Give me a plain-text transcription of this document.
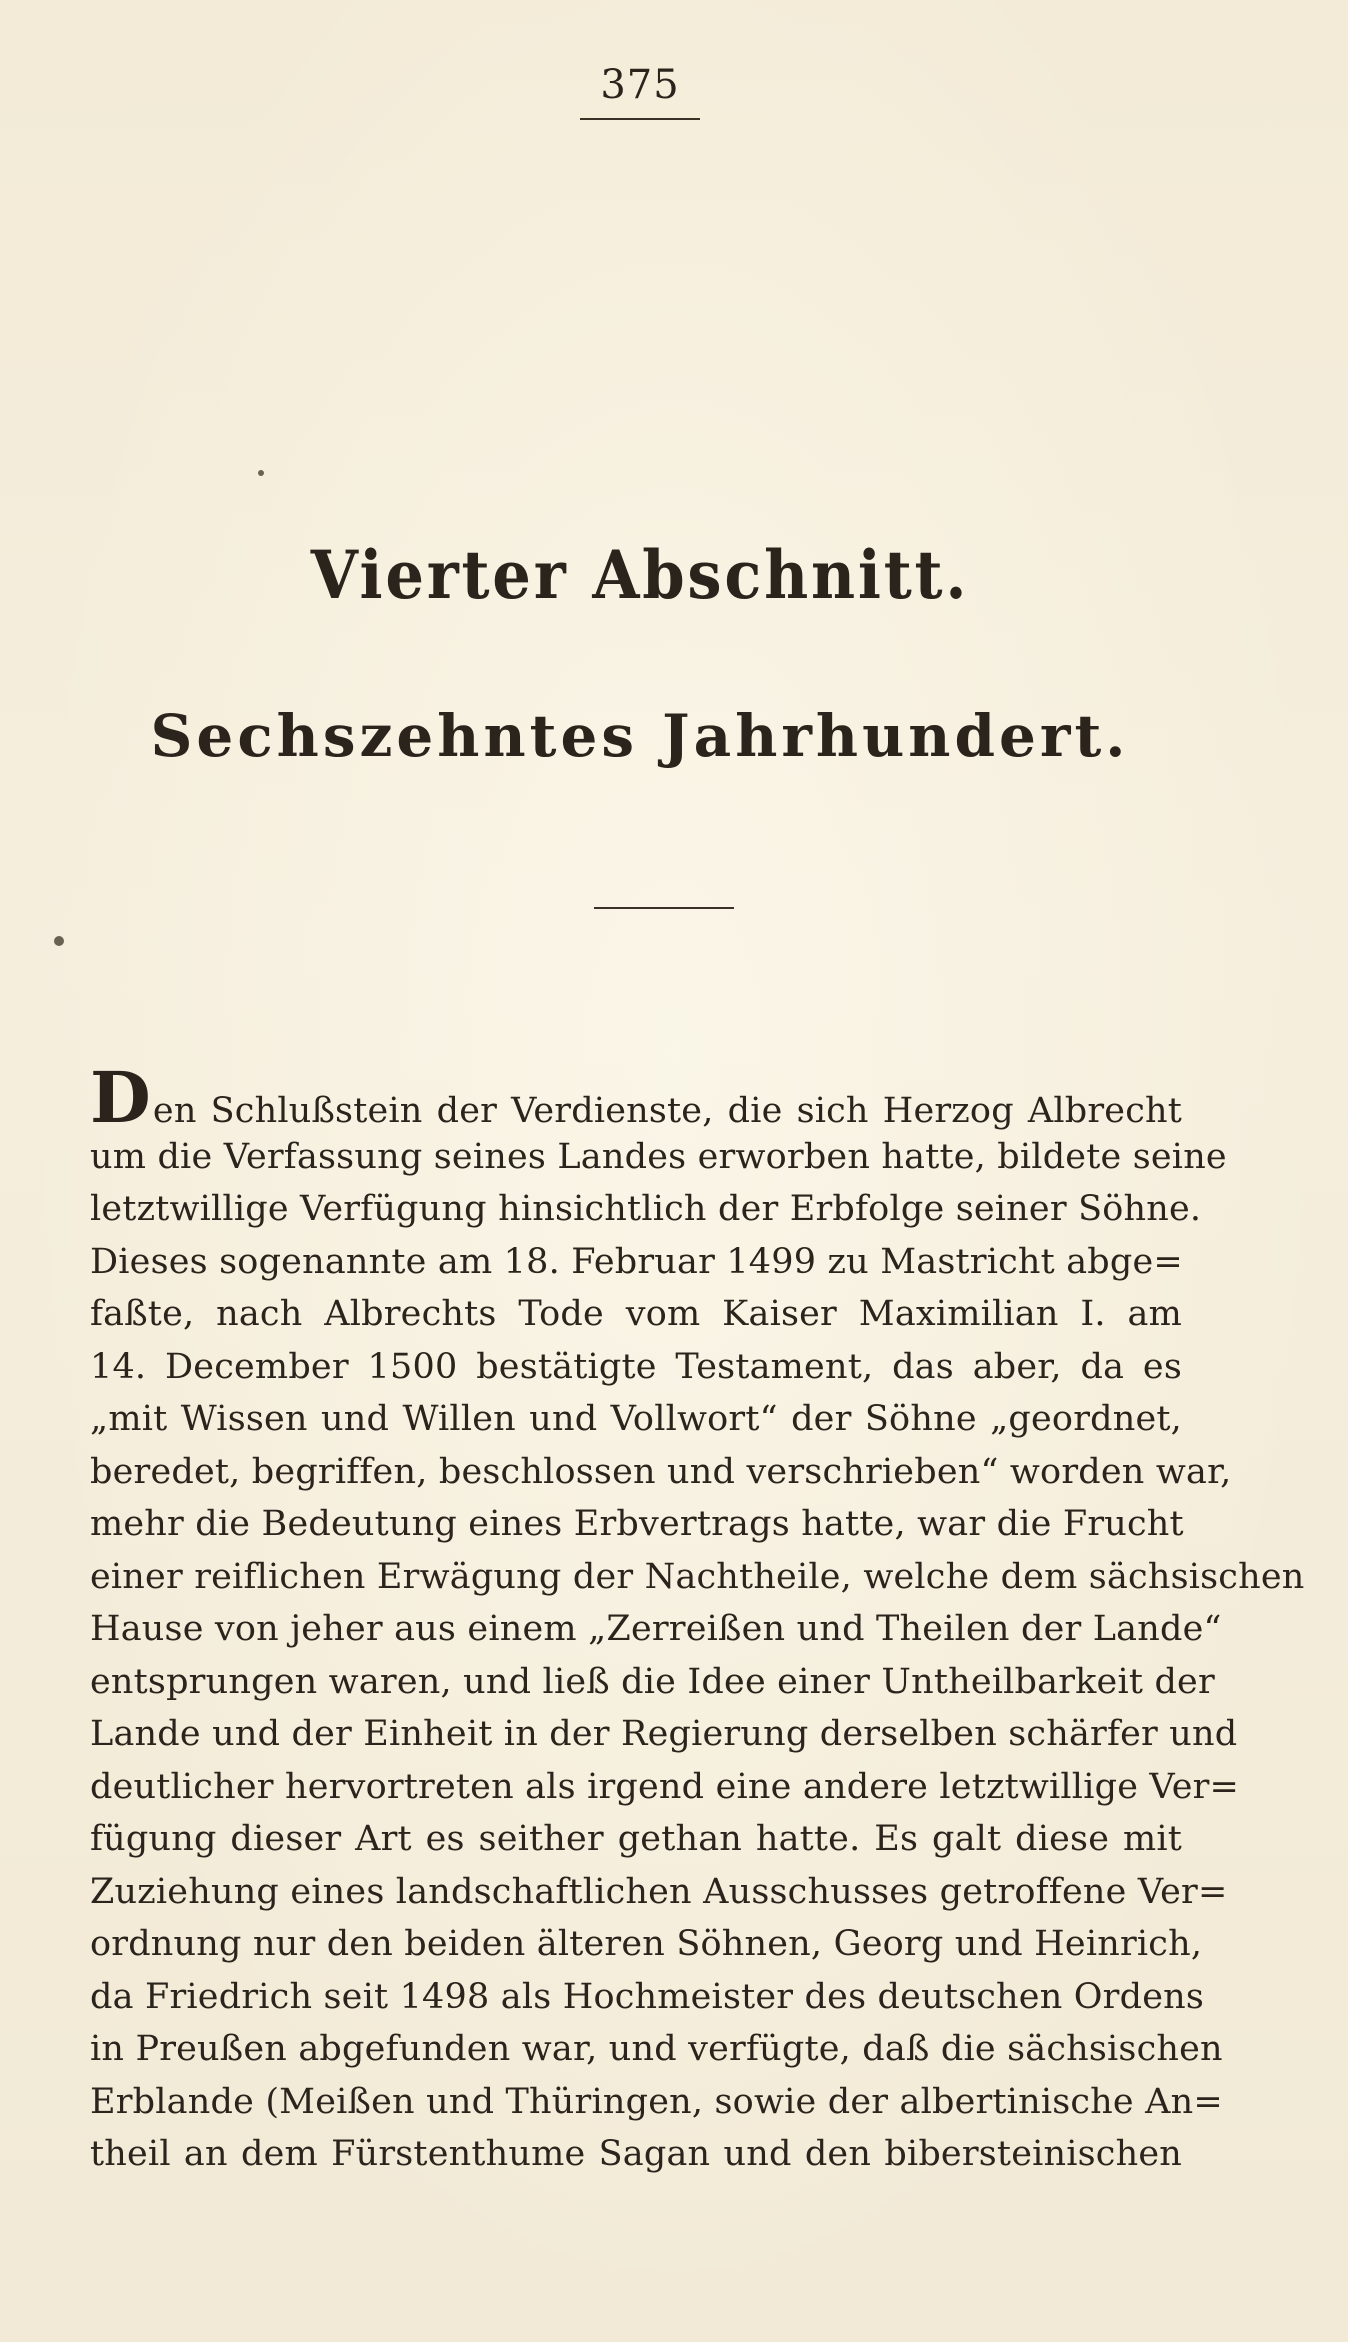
375
Vierter Abschnitt.
Sechszehntes Jahrhundert.
Den Schlußstein der Verdienste, die sich Herzog Albrecht
um die Verfassung seines Landes erworben hatte, bildete seine
letztwillige Verfügung hinsichtlich der Erbfolge seiner Söhne.
Dieses sogenannte am 18. Februar 1499 zu Mastricht abge=
faßte, nach Albrechts Tode vom Kaiser Maximilian I. am
14. December 1500 bestätigte Testament, das aber, da es
„mit Wissen und Willen und Vollwort“ der Söhne „geordnet,
beredet, begriffen, beschlossen und verschrieben“ worden war,
mehr die Bedeutung eines Erbvertrags hatte, war die Frucht
einer reiflichen Erwägung der Nachtheile, welche dem sächsischen
Hause von jeher aus einem „Zerreißen und Theilen der Lande“
entsprungen waren, und ließ die Idee einer Untheilbarkeit der
Lande und der Einheit in der Regierung derselben schärfer und
deutlicher hervortreten als irgend eine andere letztwillige Ver=
fügung dieser Art es seither gethan hatte. Es galt diese mit
Zuziehung eines landschaftlichen Ausschusses getroffene Ver=
ordnung nur den beiden älteren Söhnen, Georg und Heinrich,
da Friedrich seit 1498 als Hochmeister des deutschen Ordens
in Preußen abgefunden war, und verfügte, daß die sächsischen
Erblande (Meißen und Thüringen, sowie der albertinische An=
theil an dem Fürstenthume Sagan und den bibersteinischen
